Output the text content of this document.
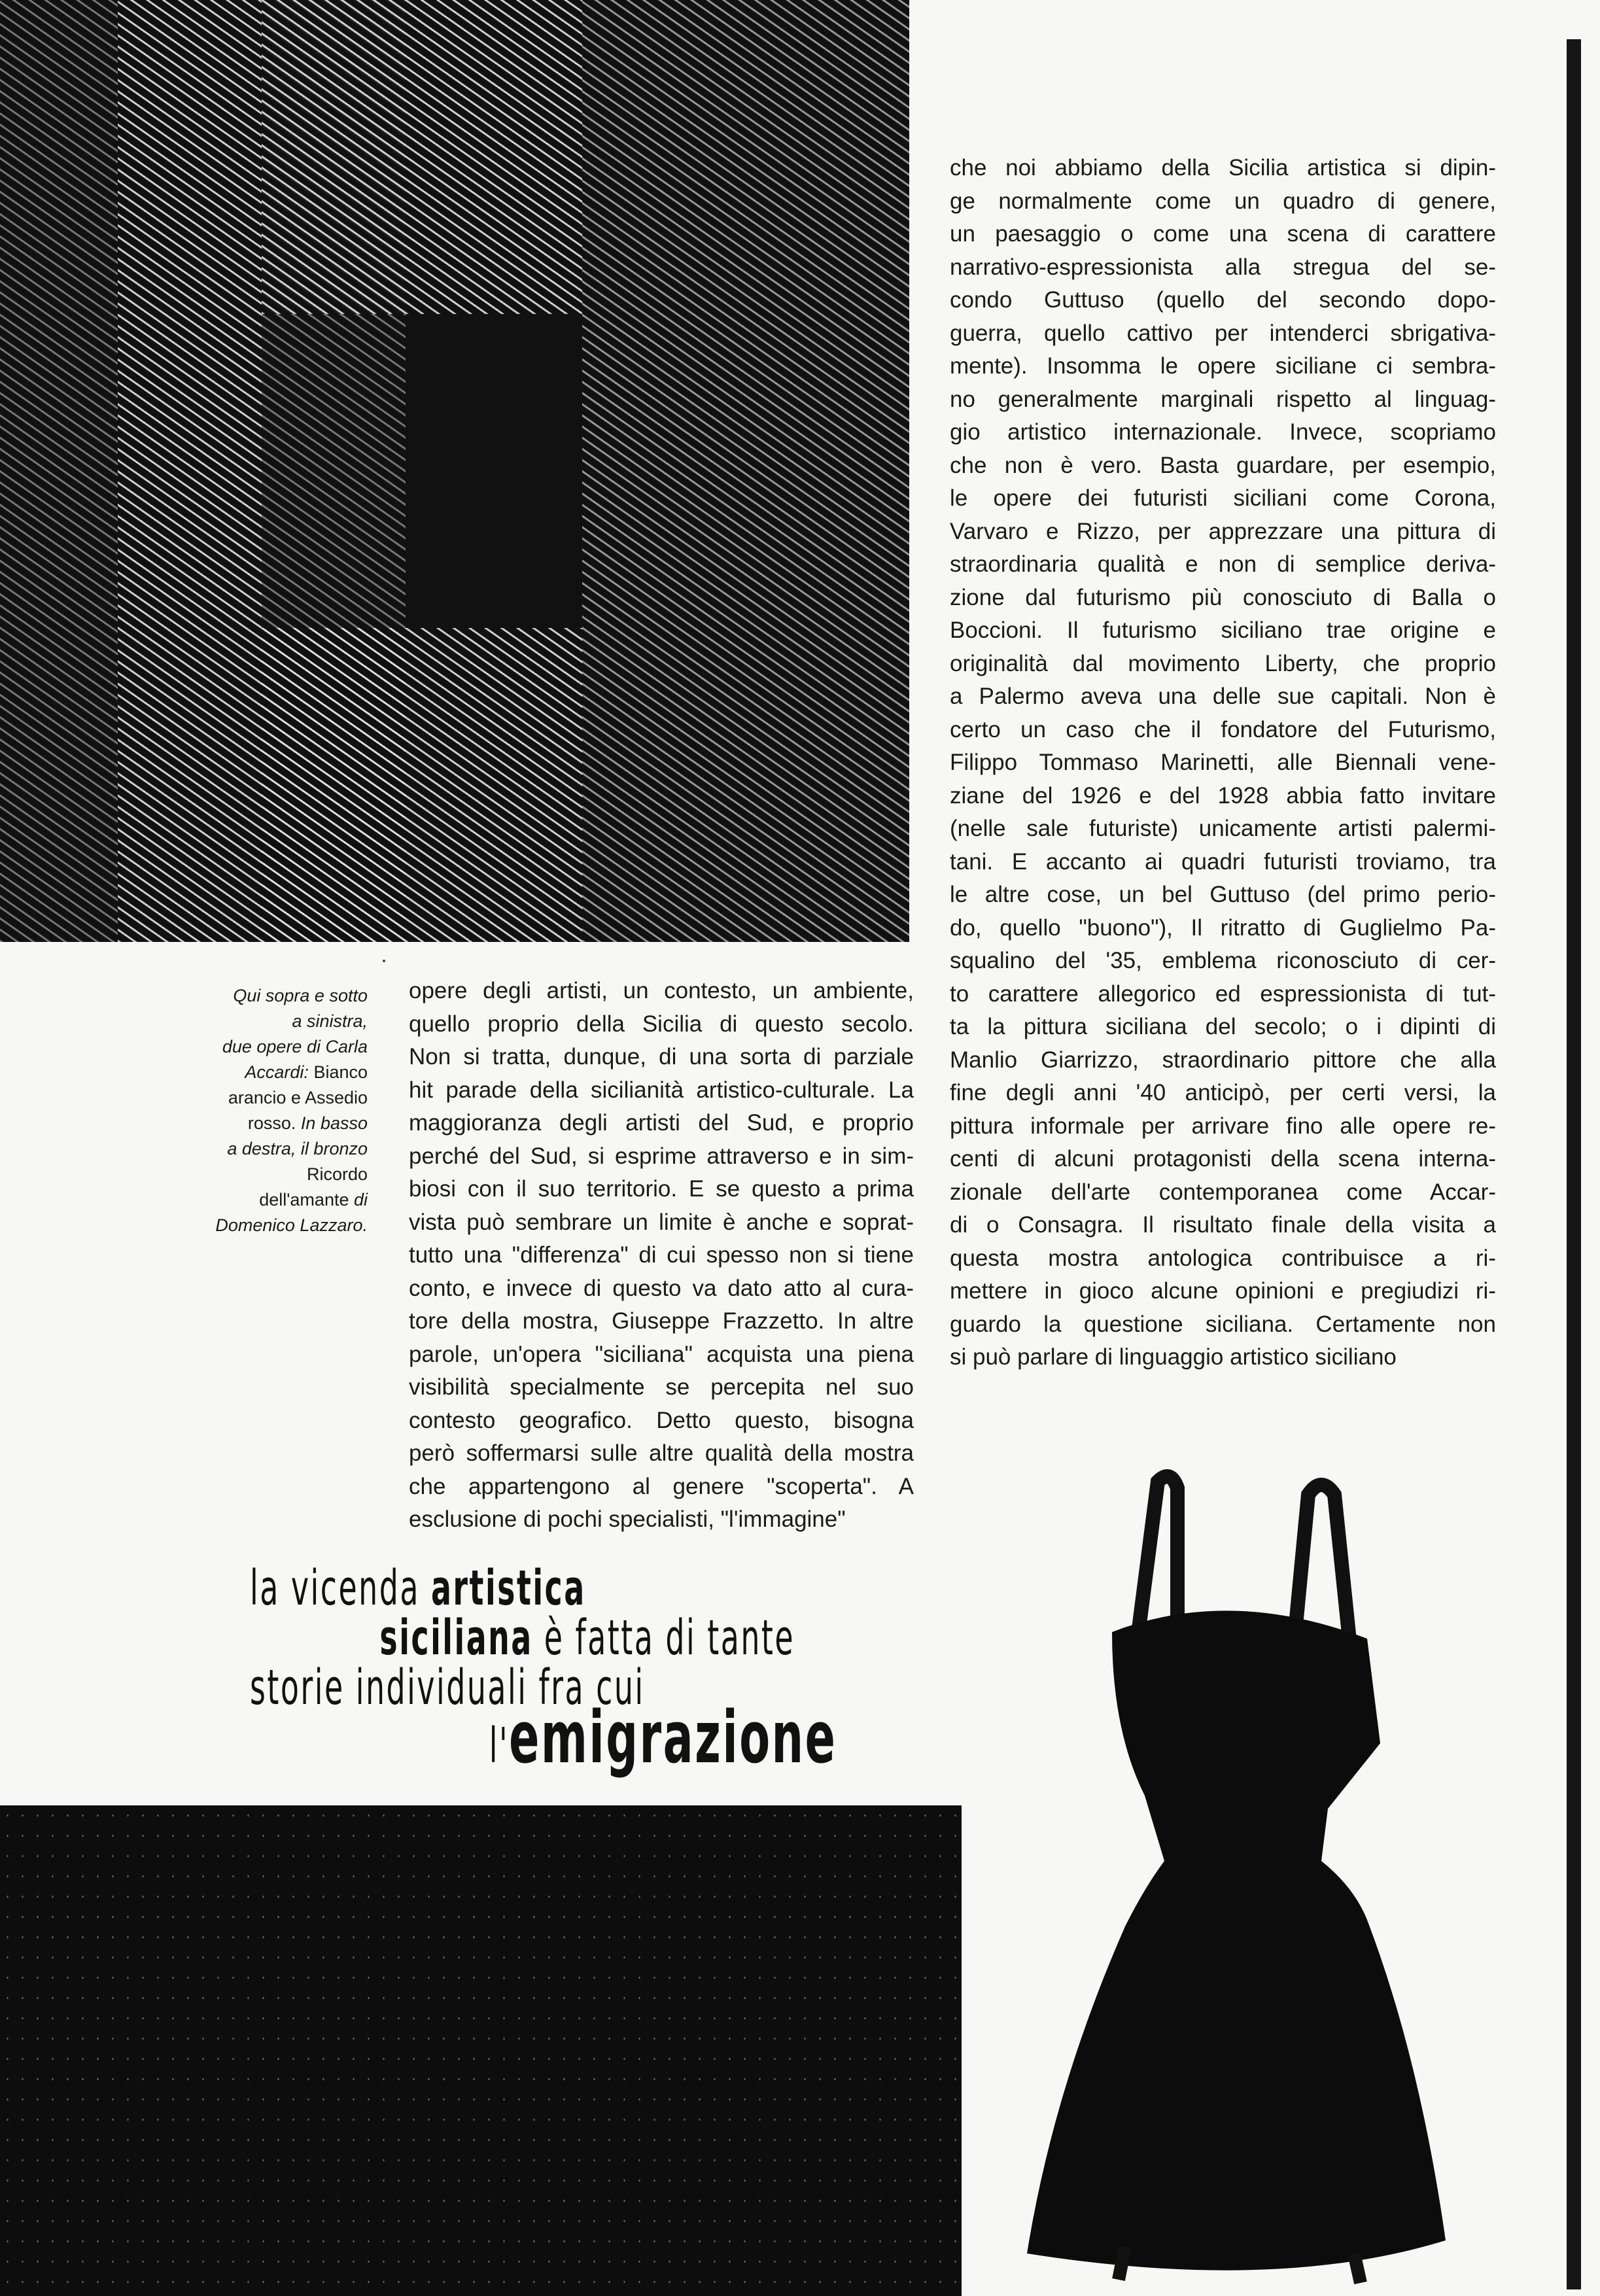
che noi abbiamo della Sicilia artistica si dipin-
ge normalmente come un quadro di genere,
un paesaggio o come una scena di carattere
narrativo-espressionista alla stregua del se-
condo Guttuso (quello del secondo dopo-
guerra, quello cattivo per intenderci sbrigativa-
mente). Insomma le opere siciliane ci sembra-
no generalmente marginali rispetto al linguag-
gio artistico internazionale. Invece, scopriamo
che non è vero. Basta guardare, per esempio,
le opere dei futuristi siciliani come Corona,
Varvaro e Rizzo, per apprezzare una pittura di
straordinaria qualità e non di semplice deriva-
zione dal futurismo più conosciuto di Balla o
Boccioni. Il futurismo siciliano trae origine e
originalità dal movimento Liberty, che proprio
a Palermo aveva una delle sue capitali. Non è
certo un caso che il fondatore del Futurismo,
Filippo Tommaso Marinetti, alle Biennali vene-
ziane del 1926 e del 1928 abbia fatto invitare
(nelle sale futuriste) unicamente artisti palermi-
tani. E accanto ai quadri futuristi troviamo, tra
le altre cose, un bel Guttuso (del primo perio-
do, quello "buono"), Il ritratto di Guglielmo Pa-
squalino del '35, emblema riconosciuto di cer-
to carattere allegorico ed espressionista di tut-
ta la pittura siciliana del secolo; o i dipinti di
Manlio Giarrizzo, straordinario pittore che alla
fine degli anni '40 anticipò, per certi versi, la
pittura informale per arrivare fino alle opere re-
centi di alcuni protagonisti della scena interna-
zionale dell'arte contemporanea come Accar-
di o Consagra. Il risultato finale della visita a
questa mostra antologica contribuisce a ri-
mettere in gioco alcune opinioni e pregiudizi ri-
guardo la questione siciliana. Certamente non
si può parlare di linguaggio artistico siciliano
Qui sopra e sotto
a sinistra,
due opere di Carla
Accardi: Bianco
arancio e Assedio
rosso. In basso
a destra, il bronzo
Ricordo
dell'amante di
Domenico Lazzaro.
opere degli artisti, un contesto, un ambiente,
quello proprio della Sicilia di questo secolo.
Non si tratta, dunque, di una sorta di parziale
hit parade della sicilianità artistico-culturale. La
maggioranza degli artisti del Sud, e proprio
perché del Sud, si esprime attraverso e in sim-
biosi con il suo territorio. E se questo a prima
vista può sembrare un limite è anche e soprat-
tutto una "differenza" di cui spesso non si tiene
conto, e invece di questo va dato atto al cura-
tore della mostra, Giuseppe Frazzetto. In altre
parole, un'opera "siciliana" acquista una piena
visibilità specialmente se percepita nel suo
contesto geografico. Detto questo, bisogna
però soffermarsi sulle altre qualità della mostra
che appartengono al genere "scoperta". A
esclusione di pochi specialisti, "l'immagine"
la vicenda artistica
siciliana è fatta di tante
storie individuali fra cui
l'emigrazione
